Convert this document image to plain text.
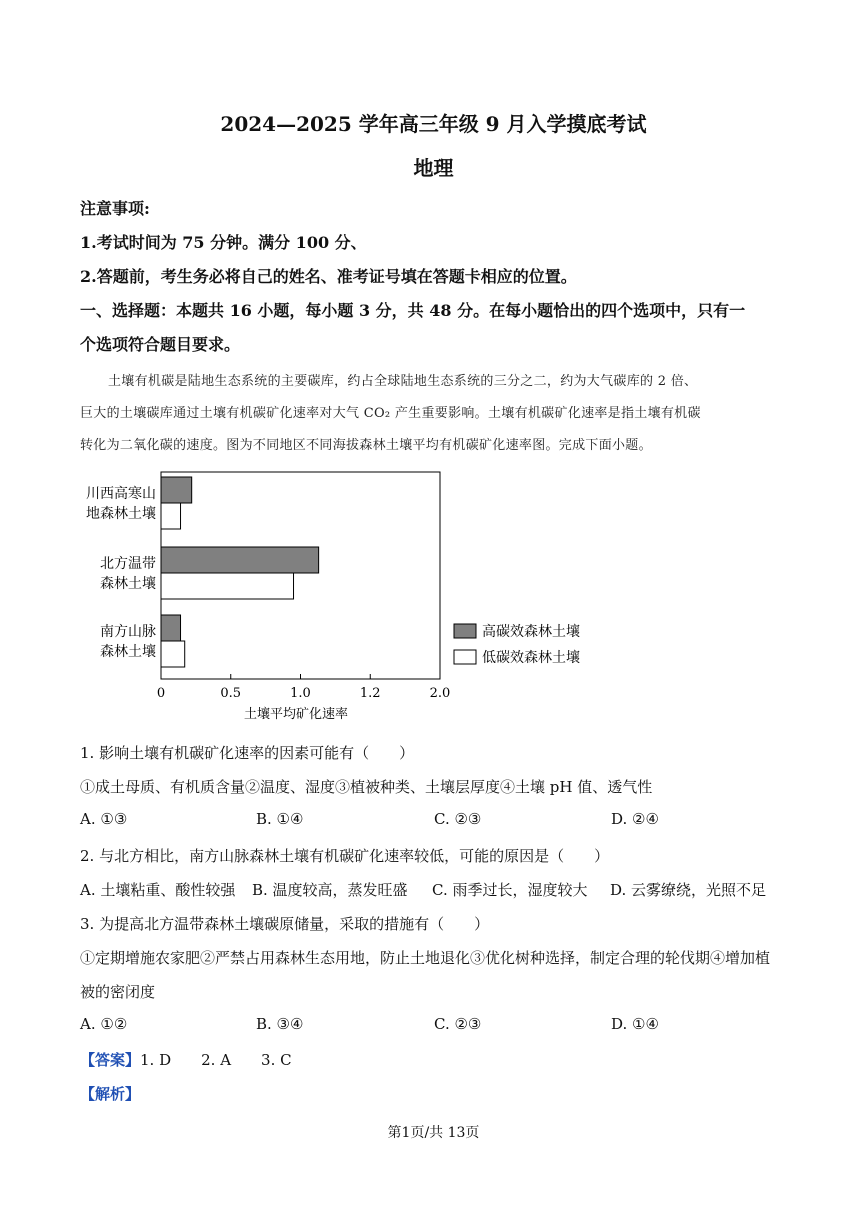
2024—2025 学年高三年级 9 月入学摸底考试
地理
注意事项:
1.考试时间为 75 分钟。满分 100 分、
2.答题前，考生务必将自己的姓名、准考证号填在答题卡相应的位置。
一、选择题：本题共 16 小题，每小题 3 分，共 48 分。在每小题恰出的四个选项中，只有一
个选项符合题目要求。
土壤有机碳是陆地生态系统的主要碳库，约占全球陆地生态系统的三分之二，约为大气碳库的 2 倍、
巨大的土壤碳库通过土壤有机碳矿化速率对大气 CO₂ 产生重要影响。土壤有机碳矿化速率是指土壤有机碳
转化为二氧化碳的速度。图为不同地区不同海拔森林土壤平均有机碳矿化速率图。完成下面小题。
川西高寒山
地森林土壤
北方温带
森林土壤
南方山脉
森林土壤
0	0.5	1.0	1.2	2.0
土壤平均矿化速率
高碳效森林土壤
低碳效森林土壤
1. 影响土壤有机碳矿化速率的因素可能有（　　）
①成土母质、有机质含量②温度、湿度③植被种类、土壤层厚度④土壤 pH 值、透气性
A. ①③	B. ①④	C. ②③	D. ②④
2. 与北方相比，南方山脉森林土壤有机碳矿化速率较低，可能的原因是（　　）
A. 土壤粘重、酸性较强 B. 温度较高，蒸发旺盛 C. 雨季过长，湿度较大 D. 云雾缭绕，光照不足
3. 为提高北方温带森林土壤碳原储量，采取的措施有（　　）
①定期增施农家肥②严禁占用森林生态用地，防止土地退化③优化树种选择，制定合理的轮伐期④增加植
被的密闭度
A. ①②	B. ③④	C. ②③	D. ①④
【答案】1. D　　2. A　　3. C
【解析】
第1页/共 13页
